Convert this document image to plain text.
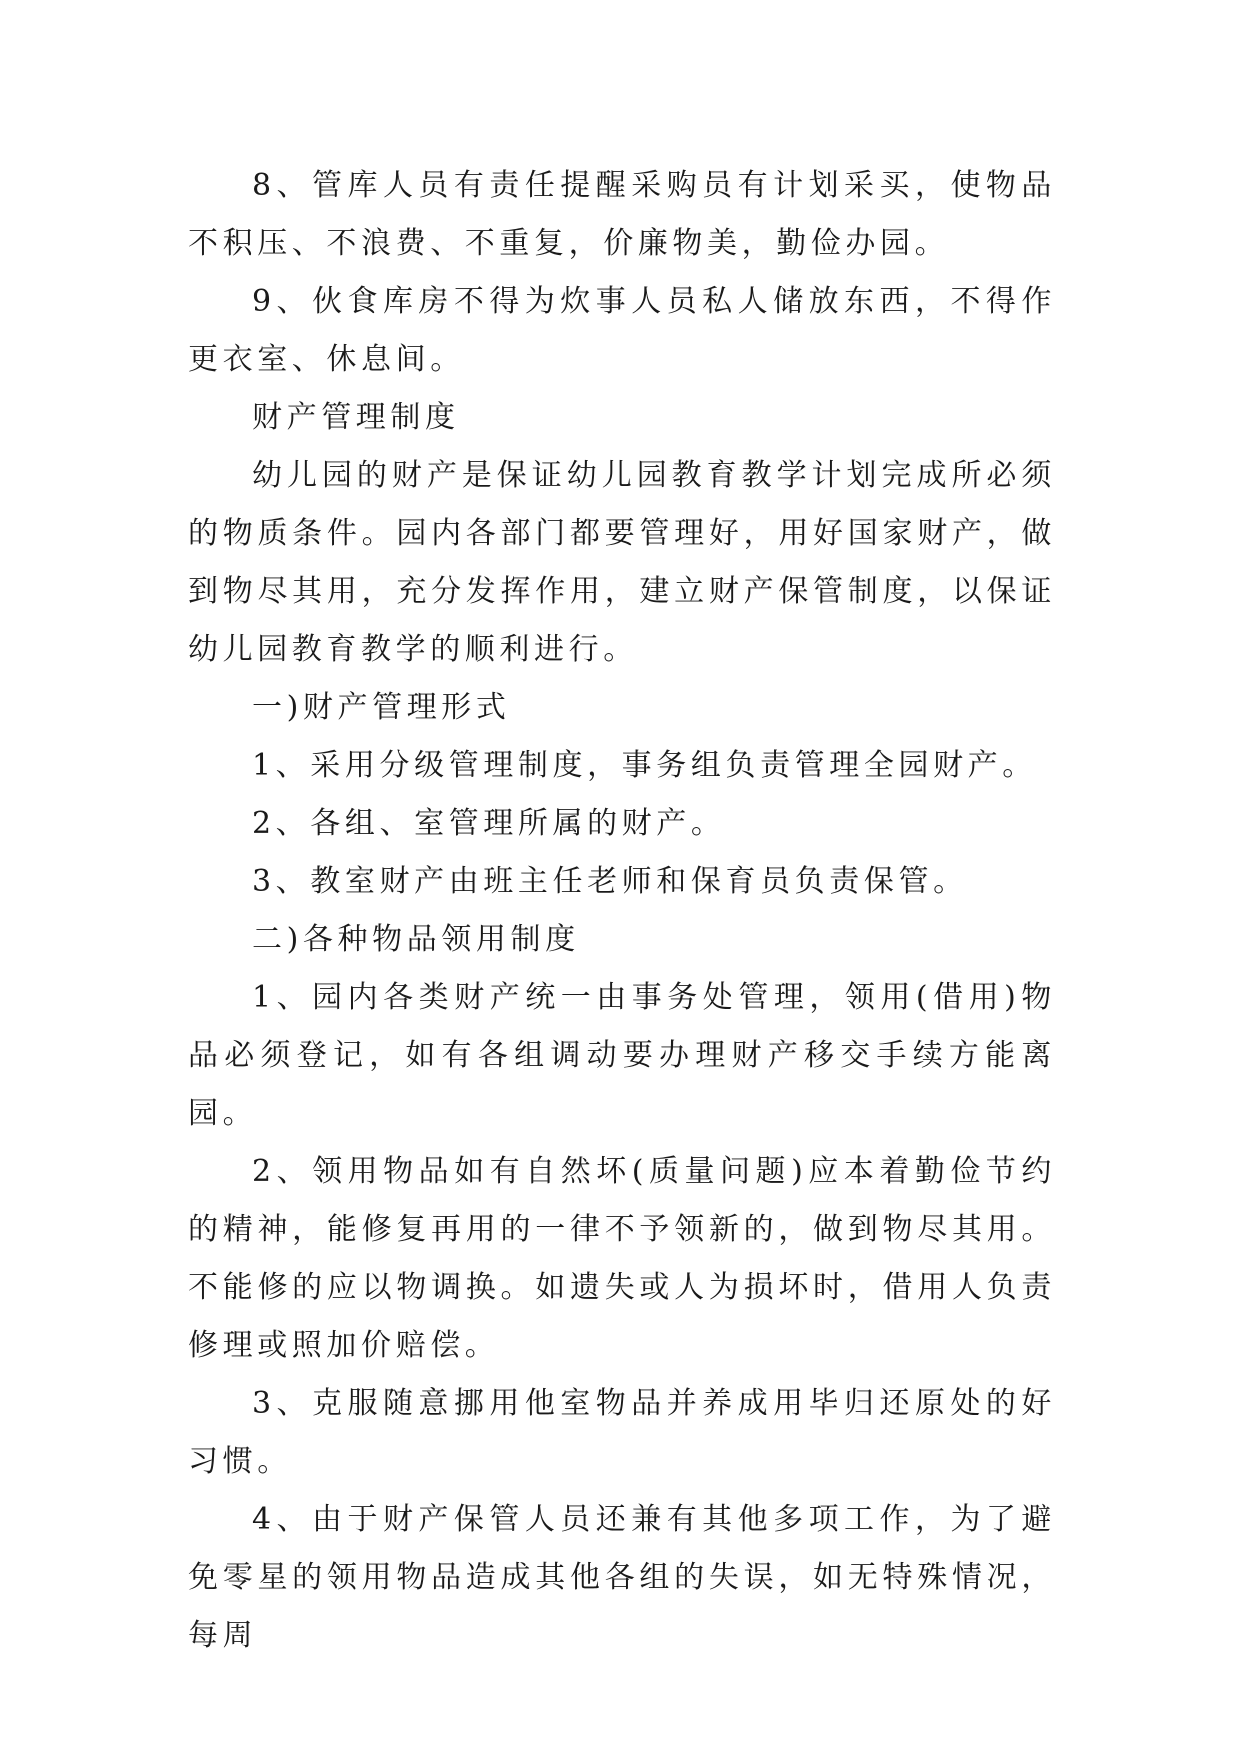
8、管库人员有责任提醒采购员有计划采买，使物品不积压、不浪费、不重复，价廉物美，勤俭办园。

9、伙食库房不得为炊事人员私人储放东西，不得作更衣室、休息间。

财产管理制度

幼儿园的财产是保证幼儿园教育教学计划完成所必须的物质条件。园内各部门都要管理好，用好国家财产，做到物尽其用，充分发挥作用，建立财产保管制度，以保证幼儿园教育教学的顺利进行。

一)财产管理形式

1、采用分级管理制度，事务组负责管理全园财产。

2、各组、室管理所属的财产。

3、教室财产由班主任老师和保育员负责保管。

二)各种物品领用制度

1、园内各类财产统一由事务处管理，领用(借用)物品必须登记，如有各组调动要办理财产移交手续方能离园。

2、领用物品如有自然坏(质量问题)应本着勤俭节约的精神，能修复再用的一律不予领新的，做到物尽其用。不能修的应以物调换。如遗失或人为损坏时，借用人负责修理或照加价赔偿。

3、克服随意挪用他室物品并养成用毕归还原处的好习惯。

4、由于财产保管人员还兼有其他多项工作，为了避免零星的领用物品造成其他各组的失误，如无特殊情况，每周
